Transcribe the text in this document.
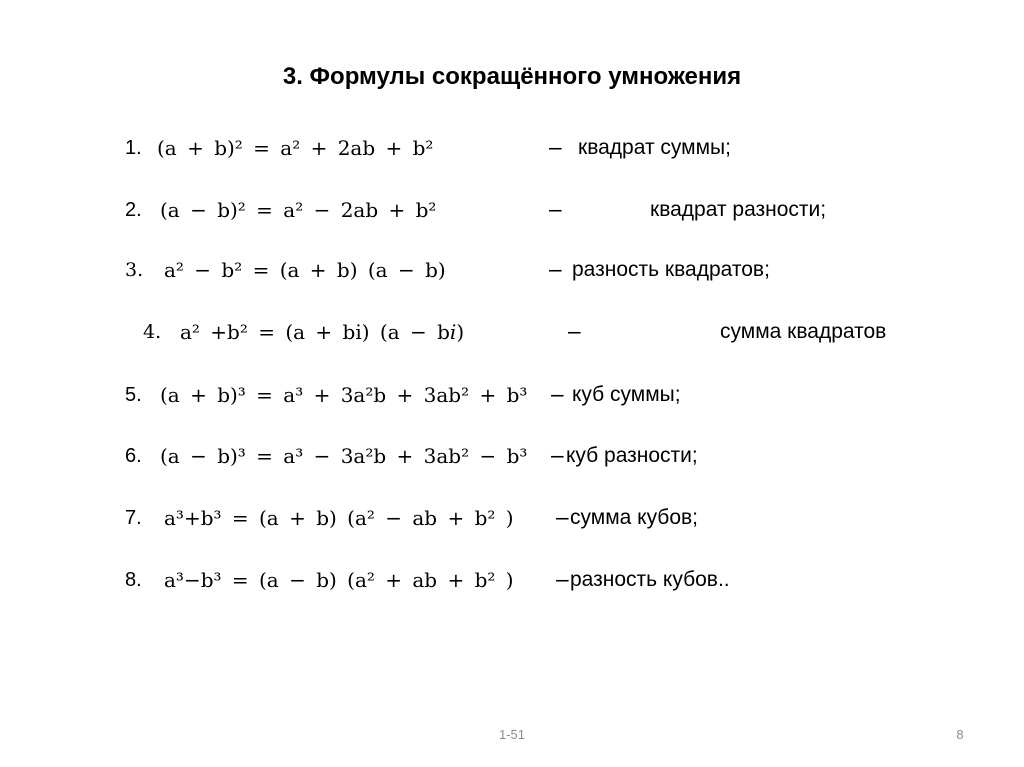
3. Формулы сокращённого умножения
1. (a + b)² = a² + 2ab + b²	− квадрат суммы;
2. (a − b)² = a² − 2ab + b²	−	квадрат разности;
3. a² − b² = (a + b) (a − b)	− разность квадратов;
4. a² +b² = (a + bi) (a − bi)	−	сумма квадратов
5. (a + b)³ = a³ + 3a²b + 3ab² + b³ − куб суммы;
6. (a − b)³ = a³ − 3a²b + 3ab² − b³ − куб разности;
7. a³+b³ = (a + b) (a² − ab + b² ) − сумма кубов;
8. a³−b³ = (a − b) (a² + ab + b² ) − разность кубов..
1-51	8
